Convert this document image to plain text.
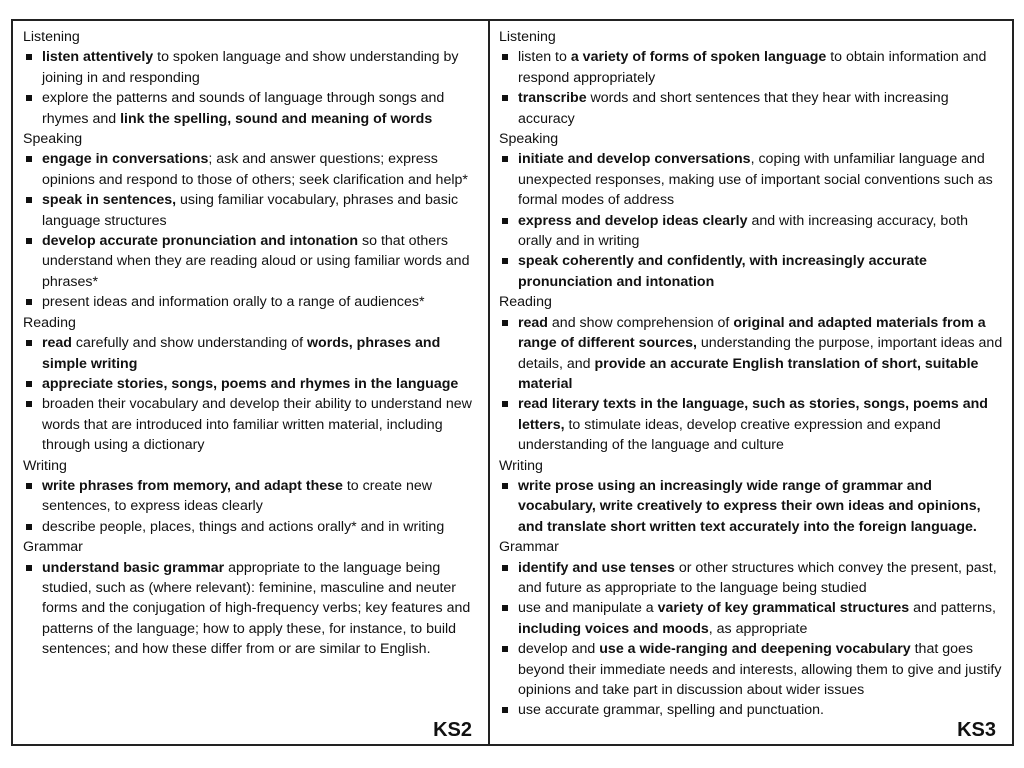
Listening
listen attentively to spoken language and show understanding by joining in and responding
explore the patterns and sounds of language through songs and rhymes and link the spelling, sound and meaning of words
Speaking
engage in conversations; ask and answer questions; express opinions and respond to those of others; seek clarification and help*
speak in sentences, using familiar vocabulary, phrases and basic language structures
develop accurate pronunciation and intonation so that others understand when they are reading aloud or using familiar words and phrases*
present ideas and information orally to a range of audiences*
Reading
read carefully and show understanding of words, phrases and simple writing
appreciate stories, songs, poems and rhymes in the language
broaden their vocabulary and develop their ability to understand new words that are introduced into familiar written material, including through using a dictionary
Writing
write phrases from memory, and adapt these to create new sentences, to express ideas clearly
describe people, places, things and actions orally* and in writing
Grammar
understand basic grammar appropriate to the language being studied, such as (where relevant): feminine, masculine and neuter forms and the conjugation of high-frequency verbs; key features and patterns of the language; how to apply these, for instance, to build sentences; and how these differ from or are similar to English.
KS2
Listening
listen to a variety of forms of spoken language to obtain information and respond appropriately
transcribe words and short sentences that they hear with increasing accuracy
Speaking
initiate and develop conversations, coping with unfamiliar language and unexpected responses, making use of important social conventions such as formal modes of address
express and develop ideas clearly and with increasing accuracy, both orally and in writing
speak coherently and confidently, with increasingly accurate pronunciation and intonation
Reading
read and show comprehension of original and adapted materials from a range of different sources, understanding the purpose, important ideas and details, and provide an accurate English translation of short, suitable material
read literary texts in the language, such as stories, songs, poems and letters, to stimulate ideas, develop creative expression and expand understanding of the language and culture
Writing
write prose using an increasingly wide range of grammar and vocabulary, write creatively to express their own ideas and opinions, and translate short written text accurately into the foreign language.
Grammar
identify and use tenses or other structures which convey the present, past, and future as appropriate to the language being studied
use and manipulate a variety of key grammatical structures and patterns, including voices and moods, as appropriate
develop and use a wide-ranging and deepening vocabulary that goes beyond their immediate needs and interests, allowing them to give and justify opinions and take part in discussion about wider issues
use accurate grammar, spelling and punctuation.
KS3
